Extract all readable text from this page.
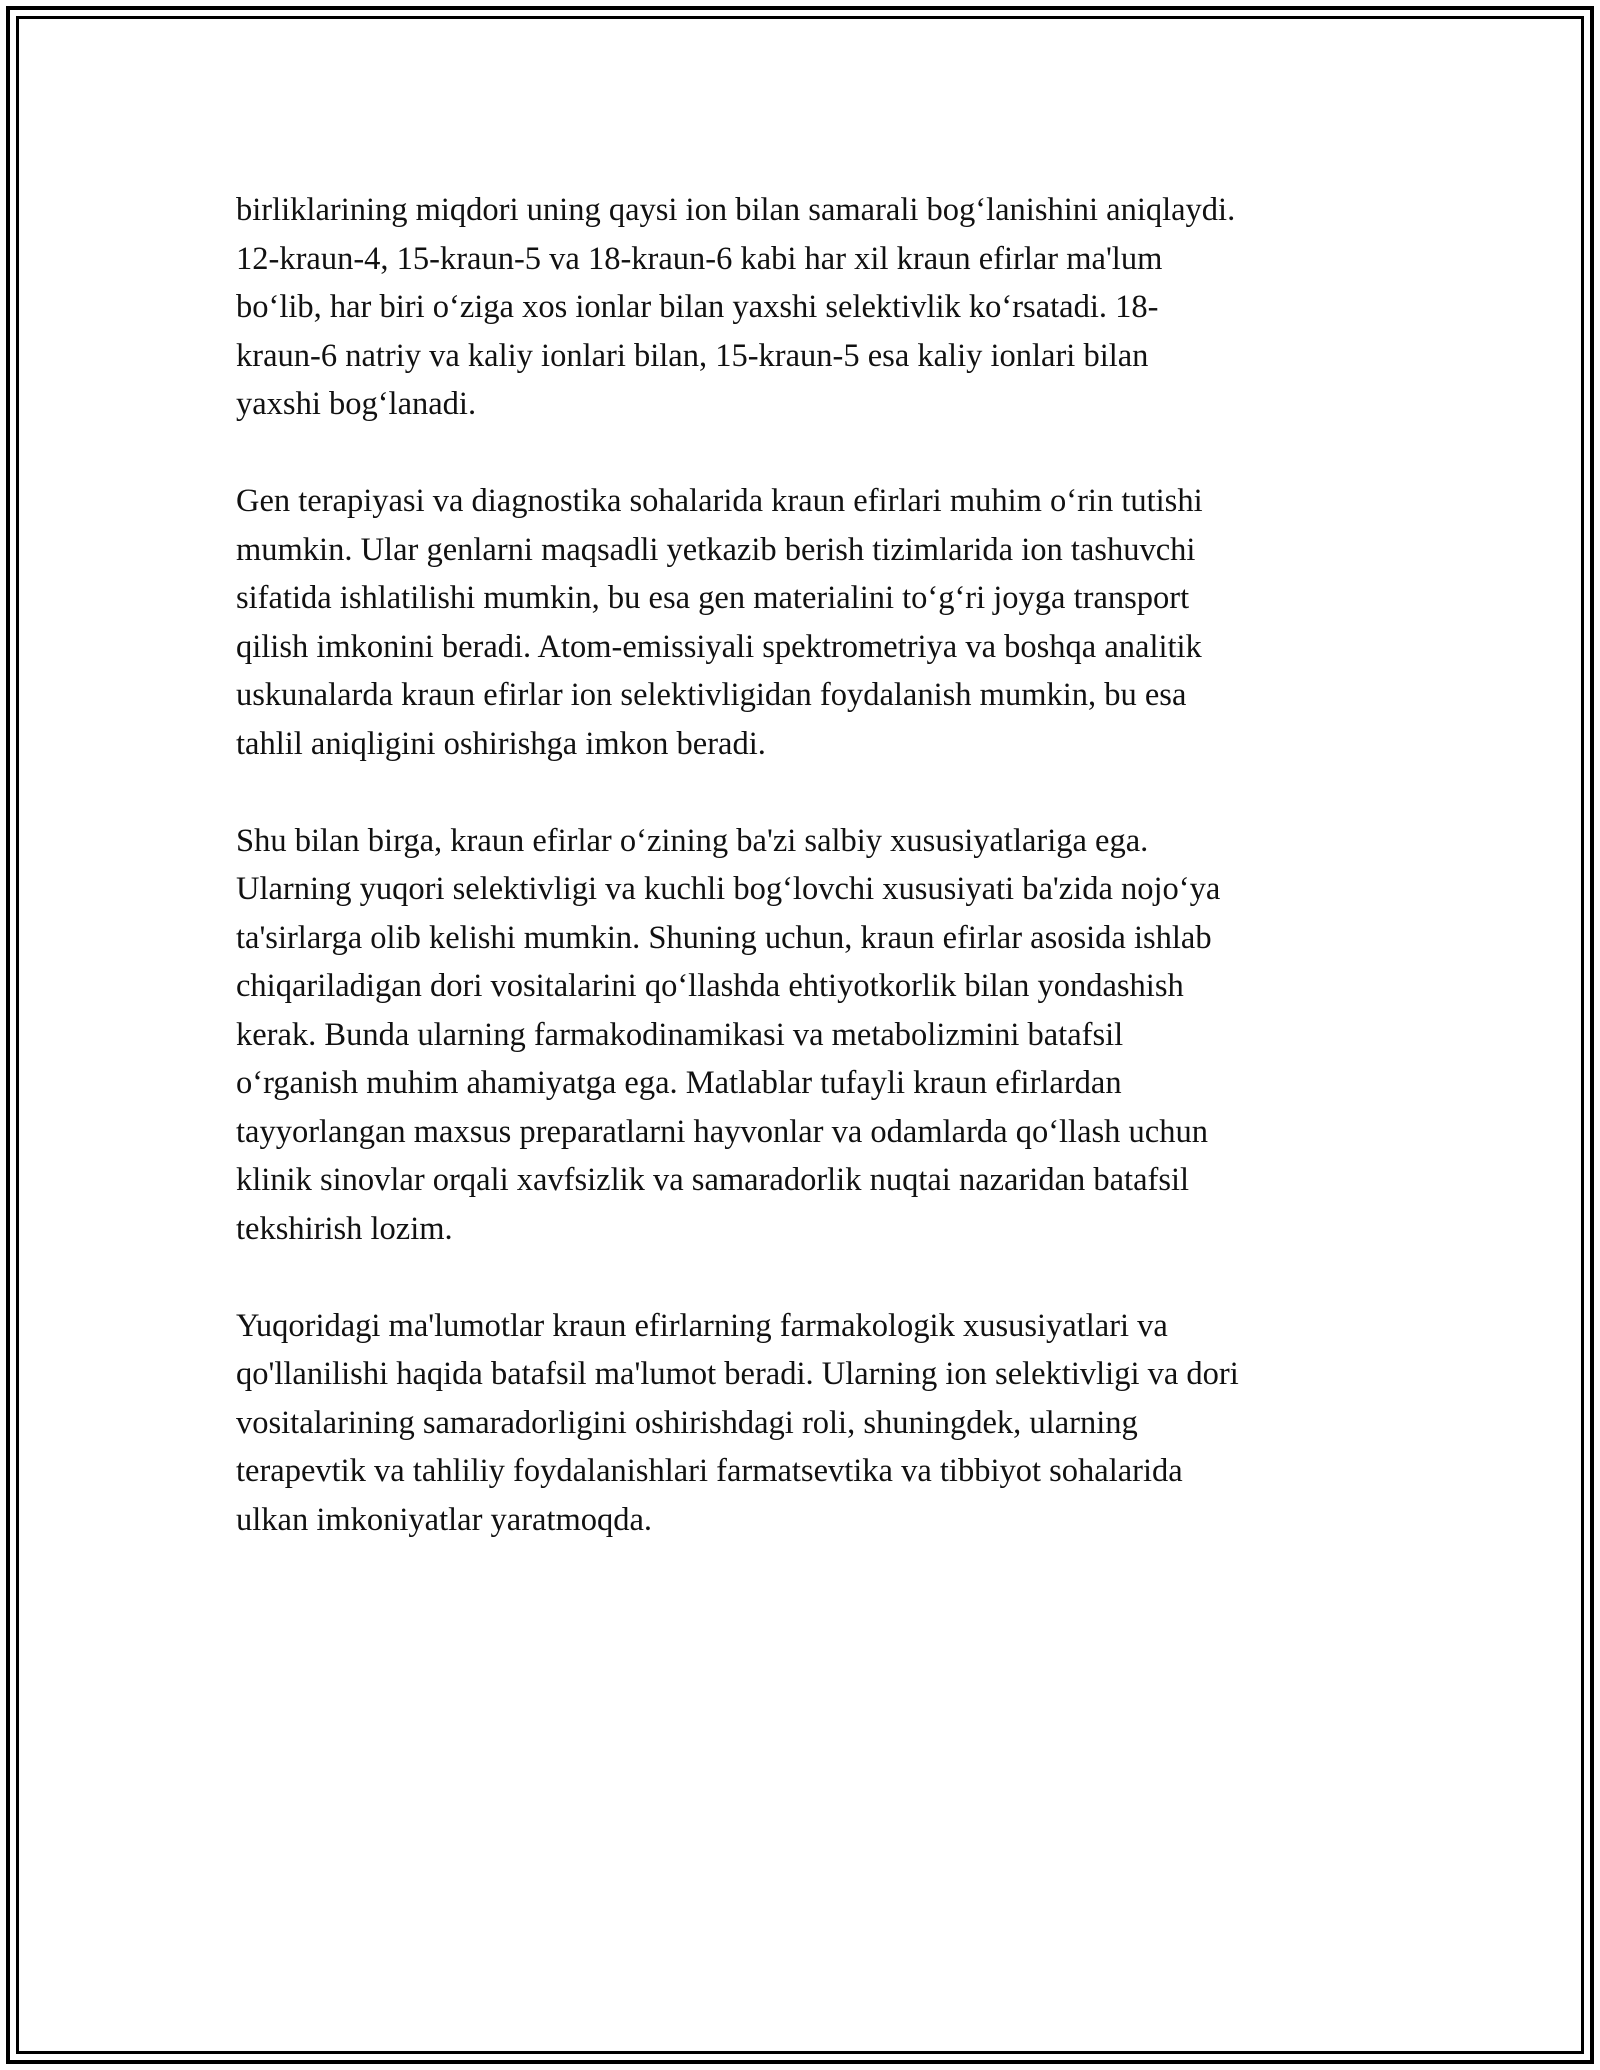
birliklarining miqdori uning qaysi ion bilan samarali bog‘lanishini aniqlaydi.
12-kraun-4, 15-kraun-5 va 18-kraun-6 kabi har xil kraun efirlar ma'lum
bo‘lib, har biri o‘ziga xos ionlar bilan yaxshi selektivlik ko‘rsatadi. 18-
kraun-6 natriy va kaliy ionlari bilan, 15-kraun-5 esa kaliy ionlari bilan
yaxshi bog‘lanadi.

Gen terapiyasi va diagnostika sohalarida kraun efirlari muhim o‘rin tutishi
mumkin. Ular genlarni maqsadli yetkazib berish tizimlarida ion tashuvchi
sifatida ishlatilishi mumkin, bu esa gen materialini to‘g‘ri joyga transport
qilish imkonini beradi. Atom-emissiyali spektrometriya va boshqa analitik
uskunalarda kraun efirlar ion selektivligidan foydalanish mumkin, bu esa
tahlil aniqligini oshirishga imkon beradi.

Shu bilan birga, kraun efirlar o‘zining ba'zi salbiy xususiyatlariga ega.
Ularning yuqori selektivligi va kuchli bog‘lovchi xususiyati ba'zida nojo‘ya
ta'sirlarga olib kelishi mumkin. Shuning uchun, kraun efirlar asosida ishlab
chiqariladigan dori vositalarini qo‘llashda ehtiyotkorlik bilan yondashish
kerak. Bunda ularning farmakodinamikasi va metabolizmini batafsil
o‘rganish muhim ahamiyatga ega. Matlablar tufayli kraun efirlardan
tayyorlangan maxsus preparatlarni hayvonlar va odamlarda qo‘llash uchun
klinik sinovlar orqali xavfsizlik va samaradorlik nuqtai nazaridan batafsil
tekshirish lozim.

Yuqoridagi ma'lumotlar kraun efirlarning farmakologik xususiyatlari va
qo'llanilishi haqida batafsil ma'lumot beradi. Ularning ion selektivligi va dori
vositalarining samaradorligini oshirishdagi roli, shuningdek, ularning
terapevtik va tahliliy foydalanishlari farmatsevtika va tibbiyot sohalarida
ulkan imkoniyatlar yaratmoqda.
